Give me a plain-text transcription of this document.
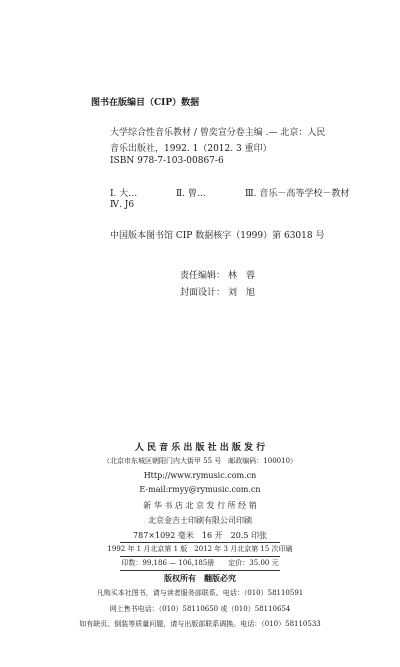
图书在版编目（CIP）数据
大学综合性音乐教材 / 曾奕宣分卷主编 .— 北京：人民
音乐出版社，1992. 1（2012. 3 重印）
ISBN 978-7-103-00867-6
Ⅰ. 大…	Ⅱ. 曾…	Ⅲ. 音乐－高等学校－教材
Ⅳ. J6
中国版本图书馆 CIP 数据核字（1999）第 63018 号
责任编辑： 林　蓉
封面设计： 刘　旭
人 民 音 乐 出 版 社 出 版 发 行
（北京市东城区朝阳门内大街甲 55 号　邮政编码：100010）
Http://www.rymusic.com.cn
E-mail:rmyy@rymusic.com.cn
新 华 书 店 北 京 发 行 所 经 销
北京金吉士印刷有限公司印刷
787×1092 毫米　16 开　20.5 印张
1992 年 1 月北京第 1 版　2012 年 3 月北京第 15 次印刷
印数：99,186 — 106,185册　　定价：35.00 元
版权所有　翻版必究
凡购买本社图书，请与读者服务部联系。电话：（010）58110591
网上售书电话：（010）58110650 或（010）58110654
如有缺页、倒装等质量问题，请与出版部联系调换。电话：（010）58110533
